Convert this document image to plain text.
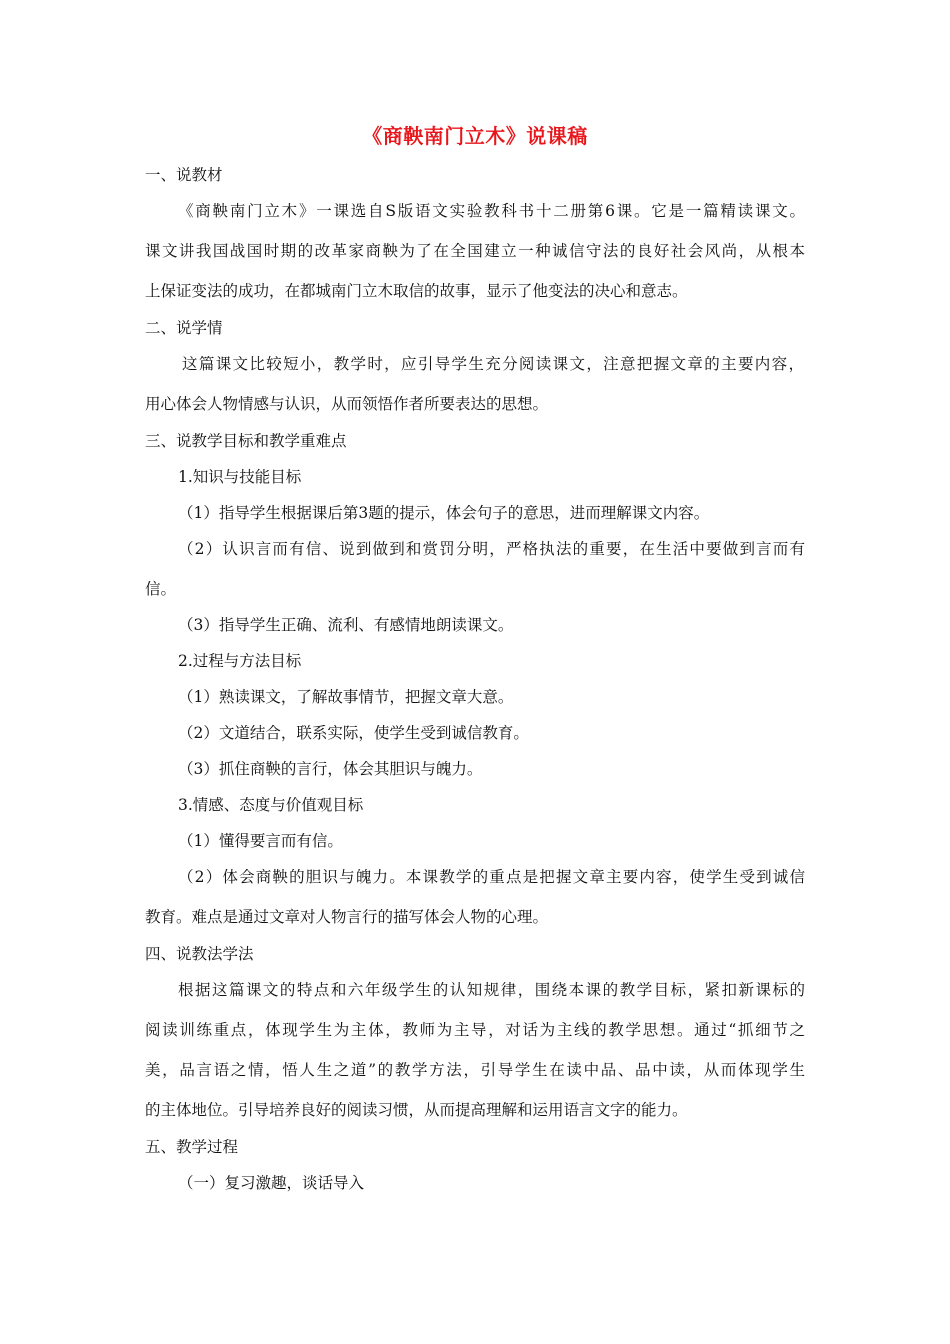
《商鞅南门立木》说课稿
一、说教材
《商鞅南门立木》一课选自S版语文实验教科书十二册第6课。它是一篇精读课文。
课文讲我国战国时期的改革家商鞅为了在全国建立一种诚信守法的良好社会风尚，从根本
上保证变法的成功，在都城南门立木取信的故事，显示了他变法的决心和意志。
二、说学情
这篇课文比较短小，教学时，应引导学生充分阅读课文，注意把握文章的主要内容，
用心体会人物情感与认识，从而领悟作者所要表达的思想。
三、说教学目标和教学重难点
1.知识与技能目标
（1）指导学生根据课后第3题的提示，体会句子的意思，进而理解课文内容。
（2）认识言而有信、说到做到和赏罚分明，严格执法的重要，在生活中要做到言而有
信。
（3）指导学生正确、流利、有感情地朗读课文。
2.过程与方法目标
（1）熟读课文，了解故事情节，把握文章大意。
（2）文道结合，联系实际，使学生受到诚信教育。
（3）抓住商鞅的言行，体会其胆识与魄力。
3.情感、态度与价值观目标
（1）懂得要言而有信。
（2）体会商鞅的胆识与魄力。本课教学的重点是把握文章主要内容，使学生受到诚信
教育。难点是通过文章对人物言行的描写体会人物的心理。
四、说教法学法
根据这篇课文的特点和六年级学生的认知规律，围绕本课的教学目标，紧扣新课标的
阅读训练重点，体现学生为主体，教师为主导，对话为主线的教学思想。通过“抓细节之
美，品言语之情，悟人生之道”的教学方法，引导学生在读中品、品中读，从而体现学生
的主体地位。引导培养良好的阅读习惯，从而提高理解和运用语言文字的能力。
五、教学过程
（一）复习激趣，谈话导入
